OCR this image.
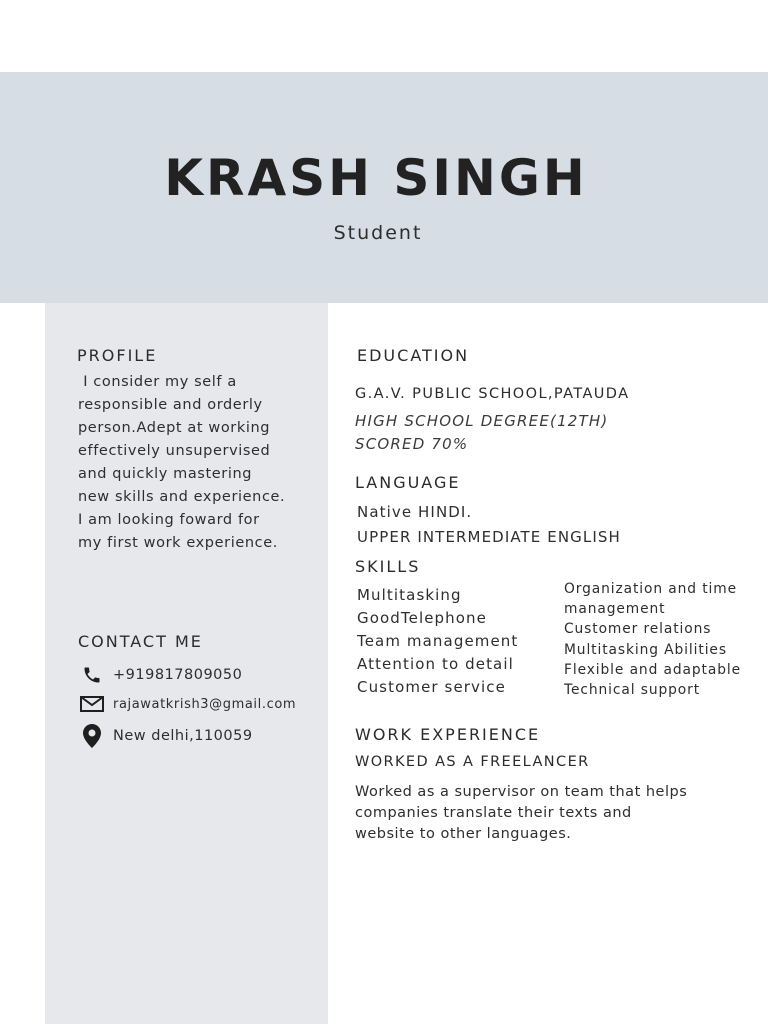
KRASH SINGH
Student
PROFILE

I consider my self a

responsible and orderly

person.Adept at working

effectively unsupervised

and quickly mastering

new skills and experience.

I am looking foward for

my first work experience.

CONTACT ME
+919817809050
rajawatkrish3@gmail.com
New delhi,110059
EDUCATION
G.A.V. PUBLIC SCHOOL,PATAUDA
HIGH SCHOOL DEGREE(12TH)
SCORED 70%
LANGUAGE
Native HINDI.
UPPER INTERMEDIATE ENGLISH
SKILLS
Multitasking
GoodTelephone
Team management
Attention to detail
Customer service
Organization and time
management
Customer relations
Multitasking Abilities
Flexible and adaptable
Technical support
WORK EXPERIENCE
WORKED AS A FREELANCER

Worked as a supervisor on team that helps

companies translate their texts and

website to other languages.
